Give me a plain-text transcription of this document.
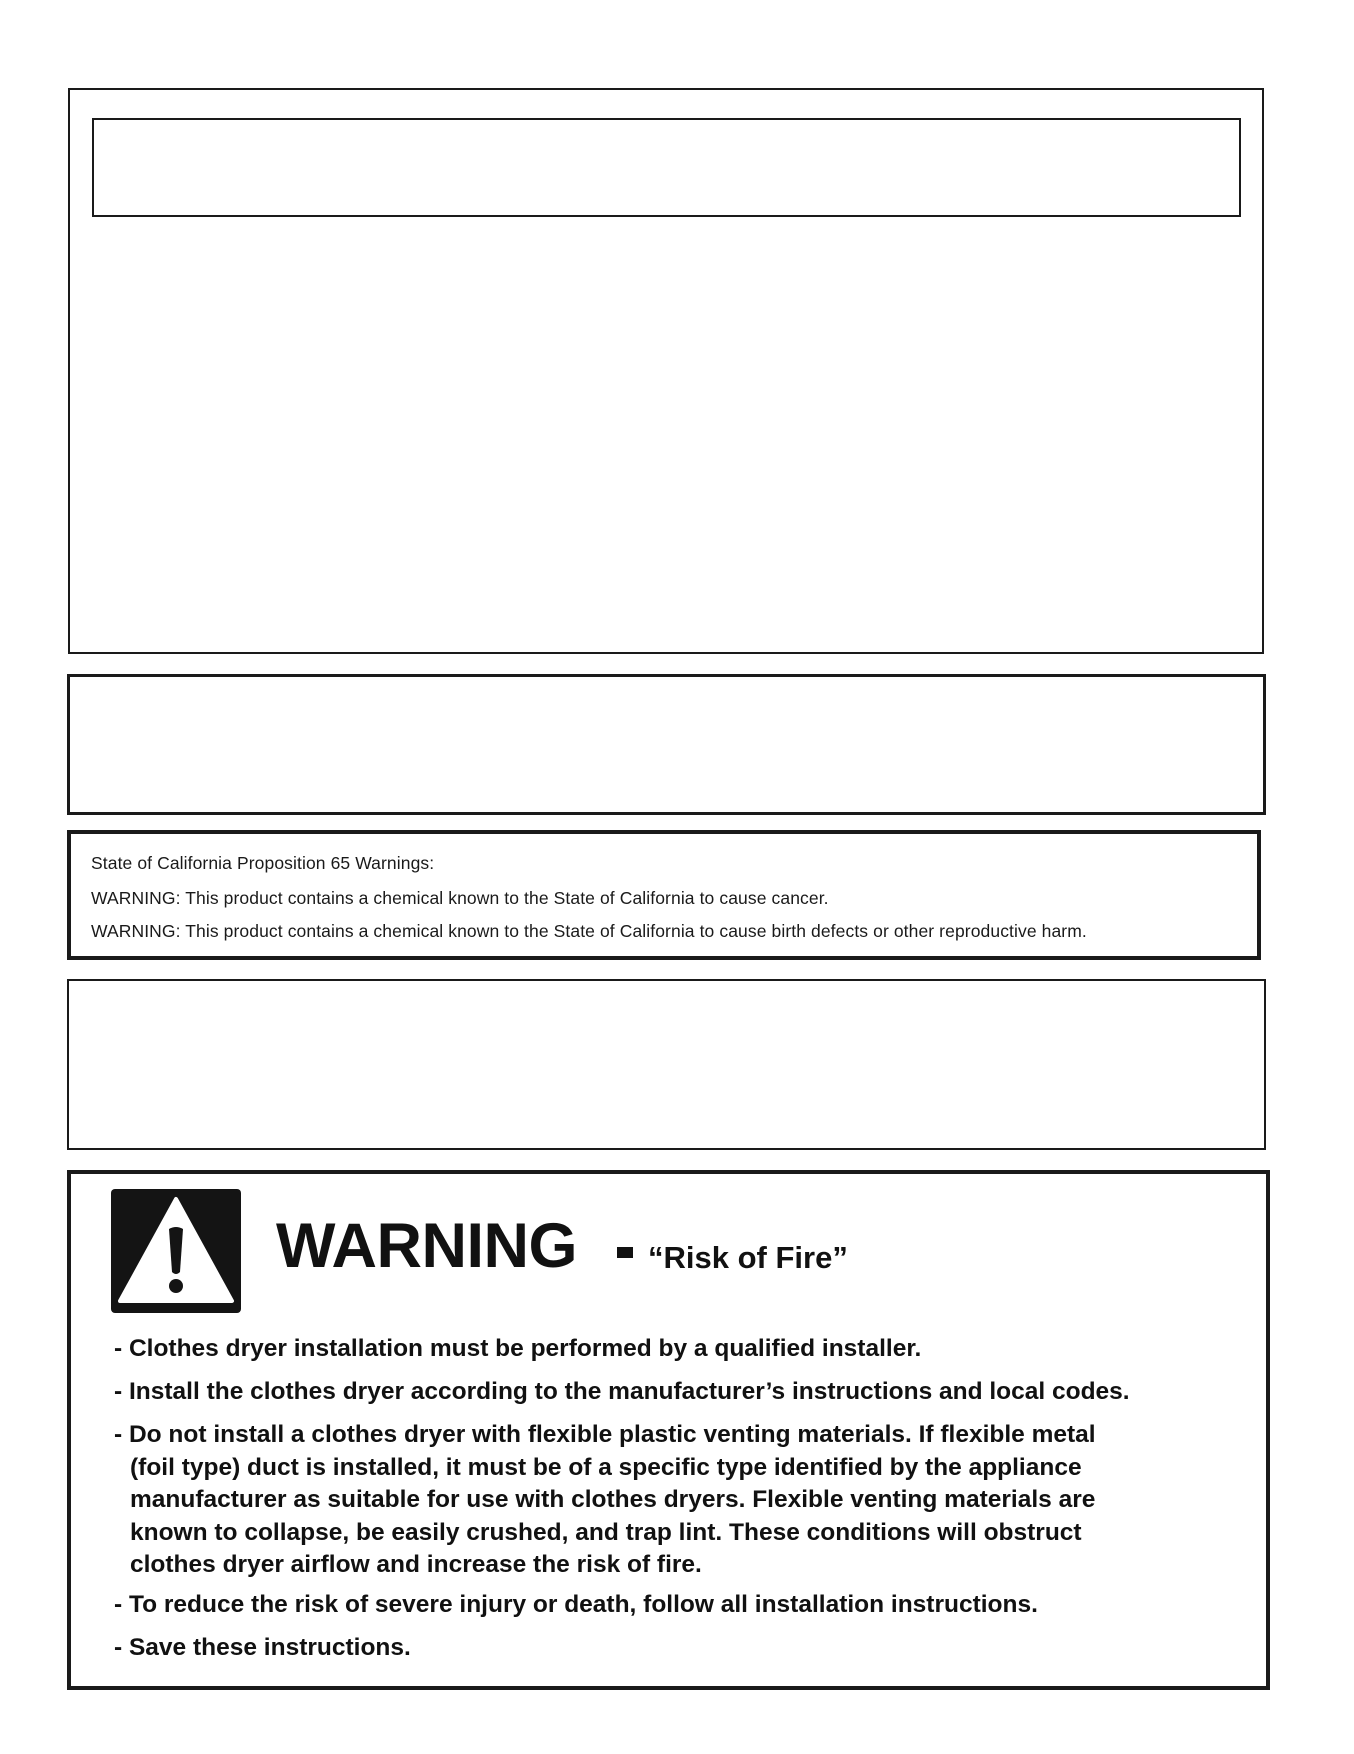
State of California Proposition 65 Warnings:
WARNING: This product contains a chemical known to the State of California to cause cancer.
WARNING: This product contains a chemical known to the State of California to cause birth defects or other reproductive harm.
WARNING “Risk of Fire”

- Clothes dryer installation must be performed by a qualified installer.

- Install the clothes dryer according to the manufacturer’s instructions and local codes.

- Do not install a clothes dryer with flexible plastic venting materials. If flexible metal
(foil type) duct is installed, it must be of a specific type identified by the appliance
manufacturer as suitable for use with clothes dryers. Flexible venting materials are
known to collapse, be easily crushed, and trap lint. These conditions will obstruct
clothes dryer airflow and increase the risk of fire.

- To reduce the risk of severe injury or death, follow all installation instructions.

- Save these instructions.
